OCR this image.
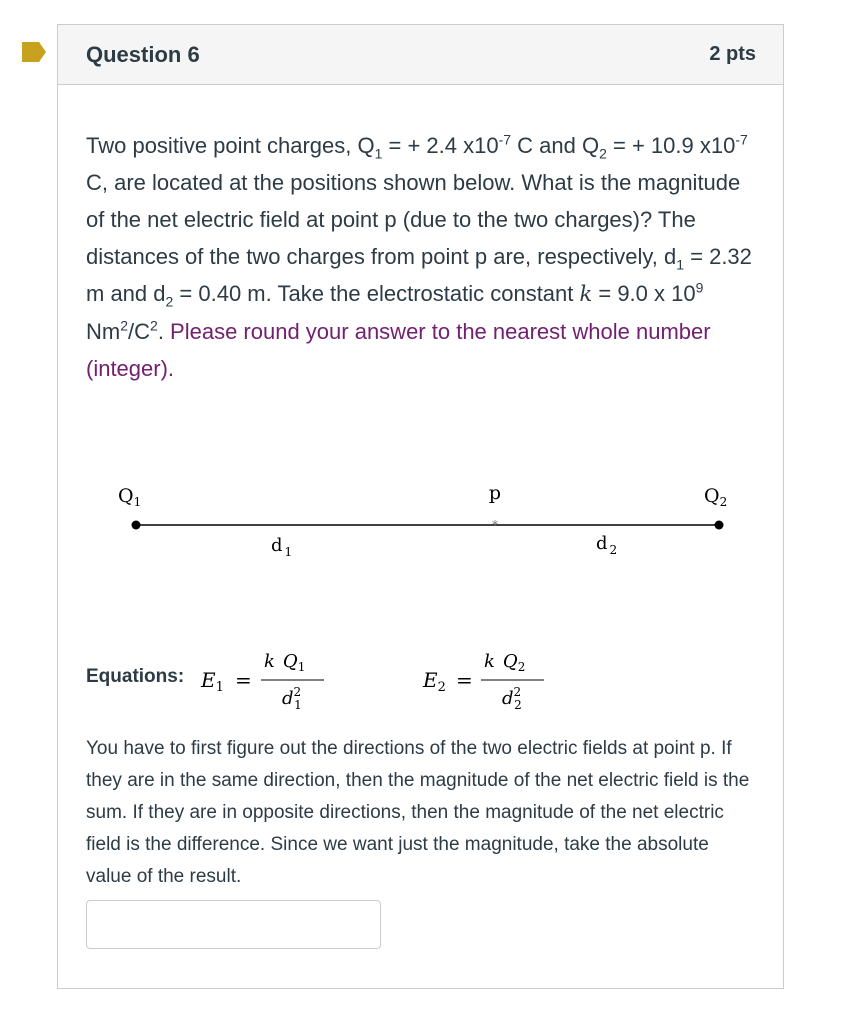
Question 6	2 pts
Two positive point charges, $Q_1$ = + 2.4 $x10^{-7}$ C and $Q_2$ = + 10.9 $x10^{-7}$ C, are located at the positions shown below. What is the magnitude of the net electric field at point p (due to the two charges)? The distances of the two charges from point p are, respectively, $d_1 = 2.32$ m and $d_2 = 0.40$ m. Take the electrostatic constant k = 9.0 x $10^9$ $Nm^2/C^2$. Please round your answer to the nearest whole number (integer).
*
$Q_1$	p	$Q_2$
d $_1$	d $_2$
Equations: $E_1$ =
k $Q_1$
$d^2$ 1
$E_2$ =
k $Q_2$
$d^2$ 2
You have to first figure out the directions of the two electric fields at point p. If they are in the same direction, then the magnitude of the net electric field is the sum. If they are in opposite directions, then the magnitude of the net electric field is the difference. Since we want just the magnitude, take the absolute value of the result.
